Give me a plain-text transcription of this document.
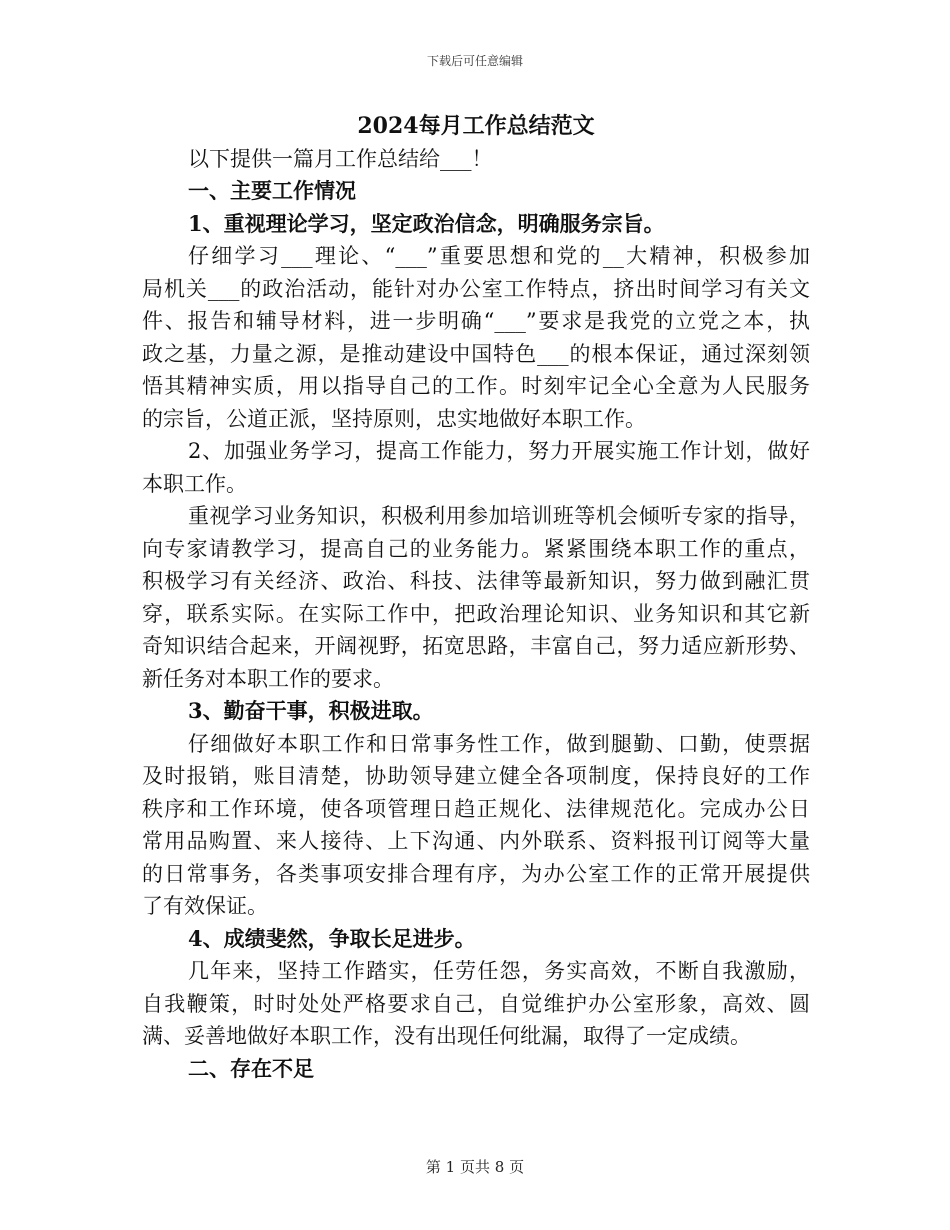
下载后可任意编辑
2024每月工作总结范文
以下提供一篇月工作总结给___！
一、主要工作情况
1、重视理论学习，坚定政治信念，明确服务宗旨。
仔细学习___理论、“___”重要思想和党的__大精神，积极参加
局机关___的政治活动，能针对办公室工作特点，挤出时间学习有关文
件、报告和辅导材料，进一步明确“___”要求是我党的立党之本，执
政之基，力量之源，是推动建设中国特色___的根本保证，通过深刻领
悟其精神实质，用以指导自己的工作。时刻牢记全心全意为人民服务
的宗旨，公道正派，坚持原则，忠实地做好本职工作。
2、加强业务学习，提高工作能力，努力开展实施工作计划，做好
本职工作。
重视学习业务知识，积极利用参加培训班等机会倾听专家的指导，
向专家请教学习，提高自己的业务能力。紧紧围绕本职工作的重点，
积极学习有关经济、政治、科技、法律等最新知识，努力做到融汇贯
穿，联系实际。在实际工作中，把政治理论知识、业务知识和其它新
奇知识结合起来，开阔视野，拓宽思路，丰富自己，努力适应新形势、
新任务对本职工作的要求。
3、勤奋干事，积极进取。
仔细做好本职工作和日常事务性工作，做到腿勤、口勤，使票据
及时报销，账目清楚，协助领导建立健全各项制度，保持良好的工作
秩序和工作环境，使各项管理日趋正规化、法律规范化。完成办公日
常用品购置、来人接待、上下沟通、内外联系、资料报刊订阅等大量
的日常事务，各类事项安排合理有序，为办公室工作的正常开展提供
了有效保证。
4、成绩斐然，争取长足进步。
几年来，坚持工作踏实，任劳任怨，务实高效，不断自我激励，
自我鞭策，时时处处严格要求自己，自觉维护办公室形象，高效、圆
满、妥善地做好本职工作，没有出现任何纰漏，取得了一定成绩。
二、存在不足
第 1 页共 8 页
